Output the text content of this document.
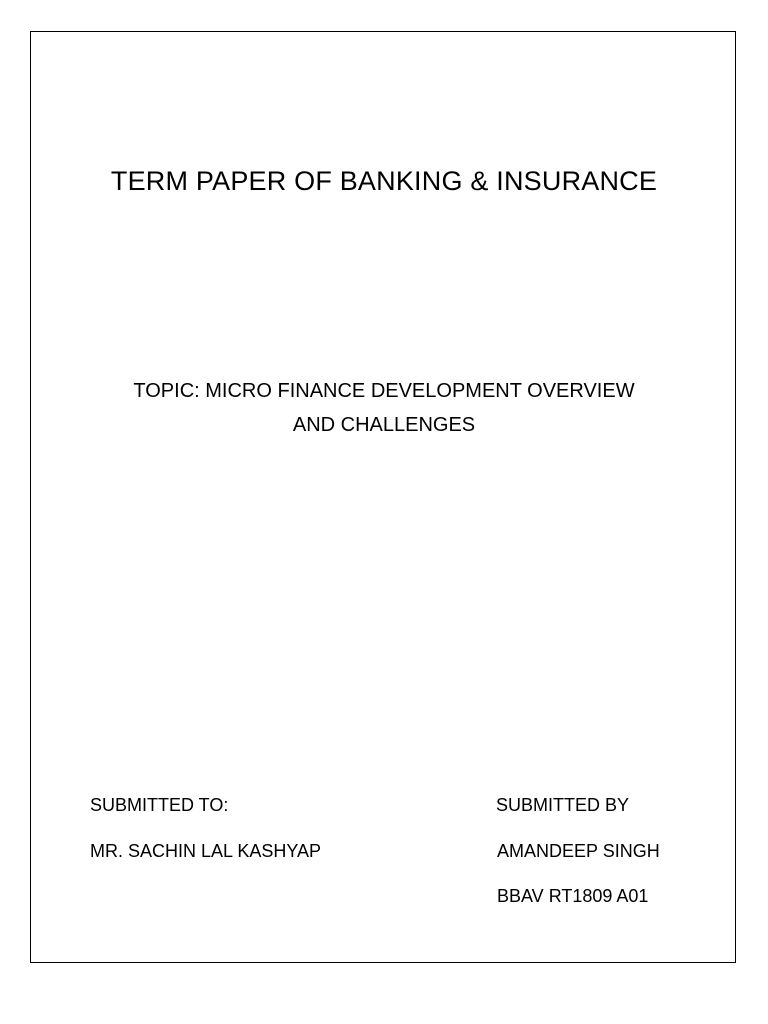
TERM PAPER OF BANKING & INSURANCE
TOPIC: MICRO FINANCE DEVELOPMENT OVERVIEW
AND CHALLENGES
SUBMITTED TO:
MR. SACHIN LAL KASHYAP
SUBMITTED BY
AMANDEEP SINGH
BBAV RT1809 A01
